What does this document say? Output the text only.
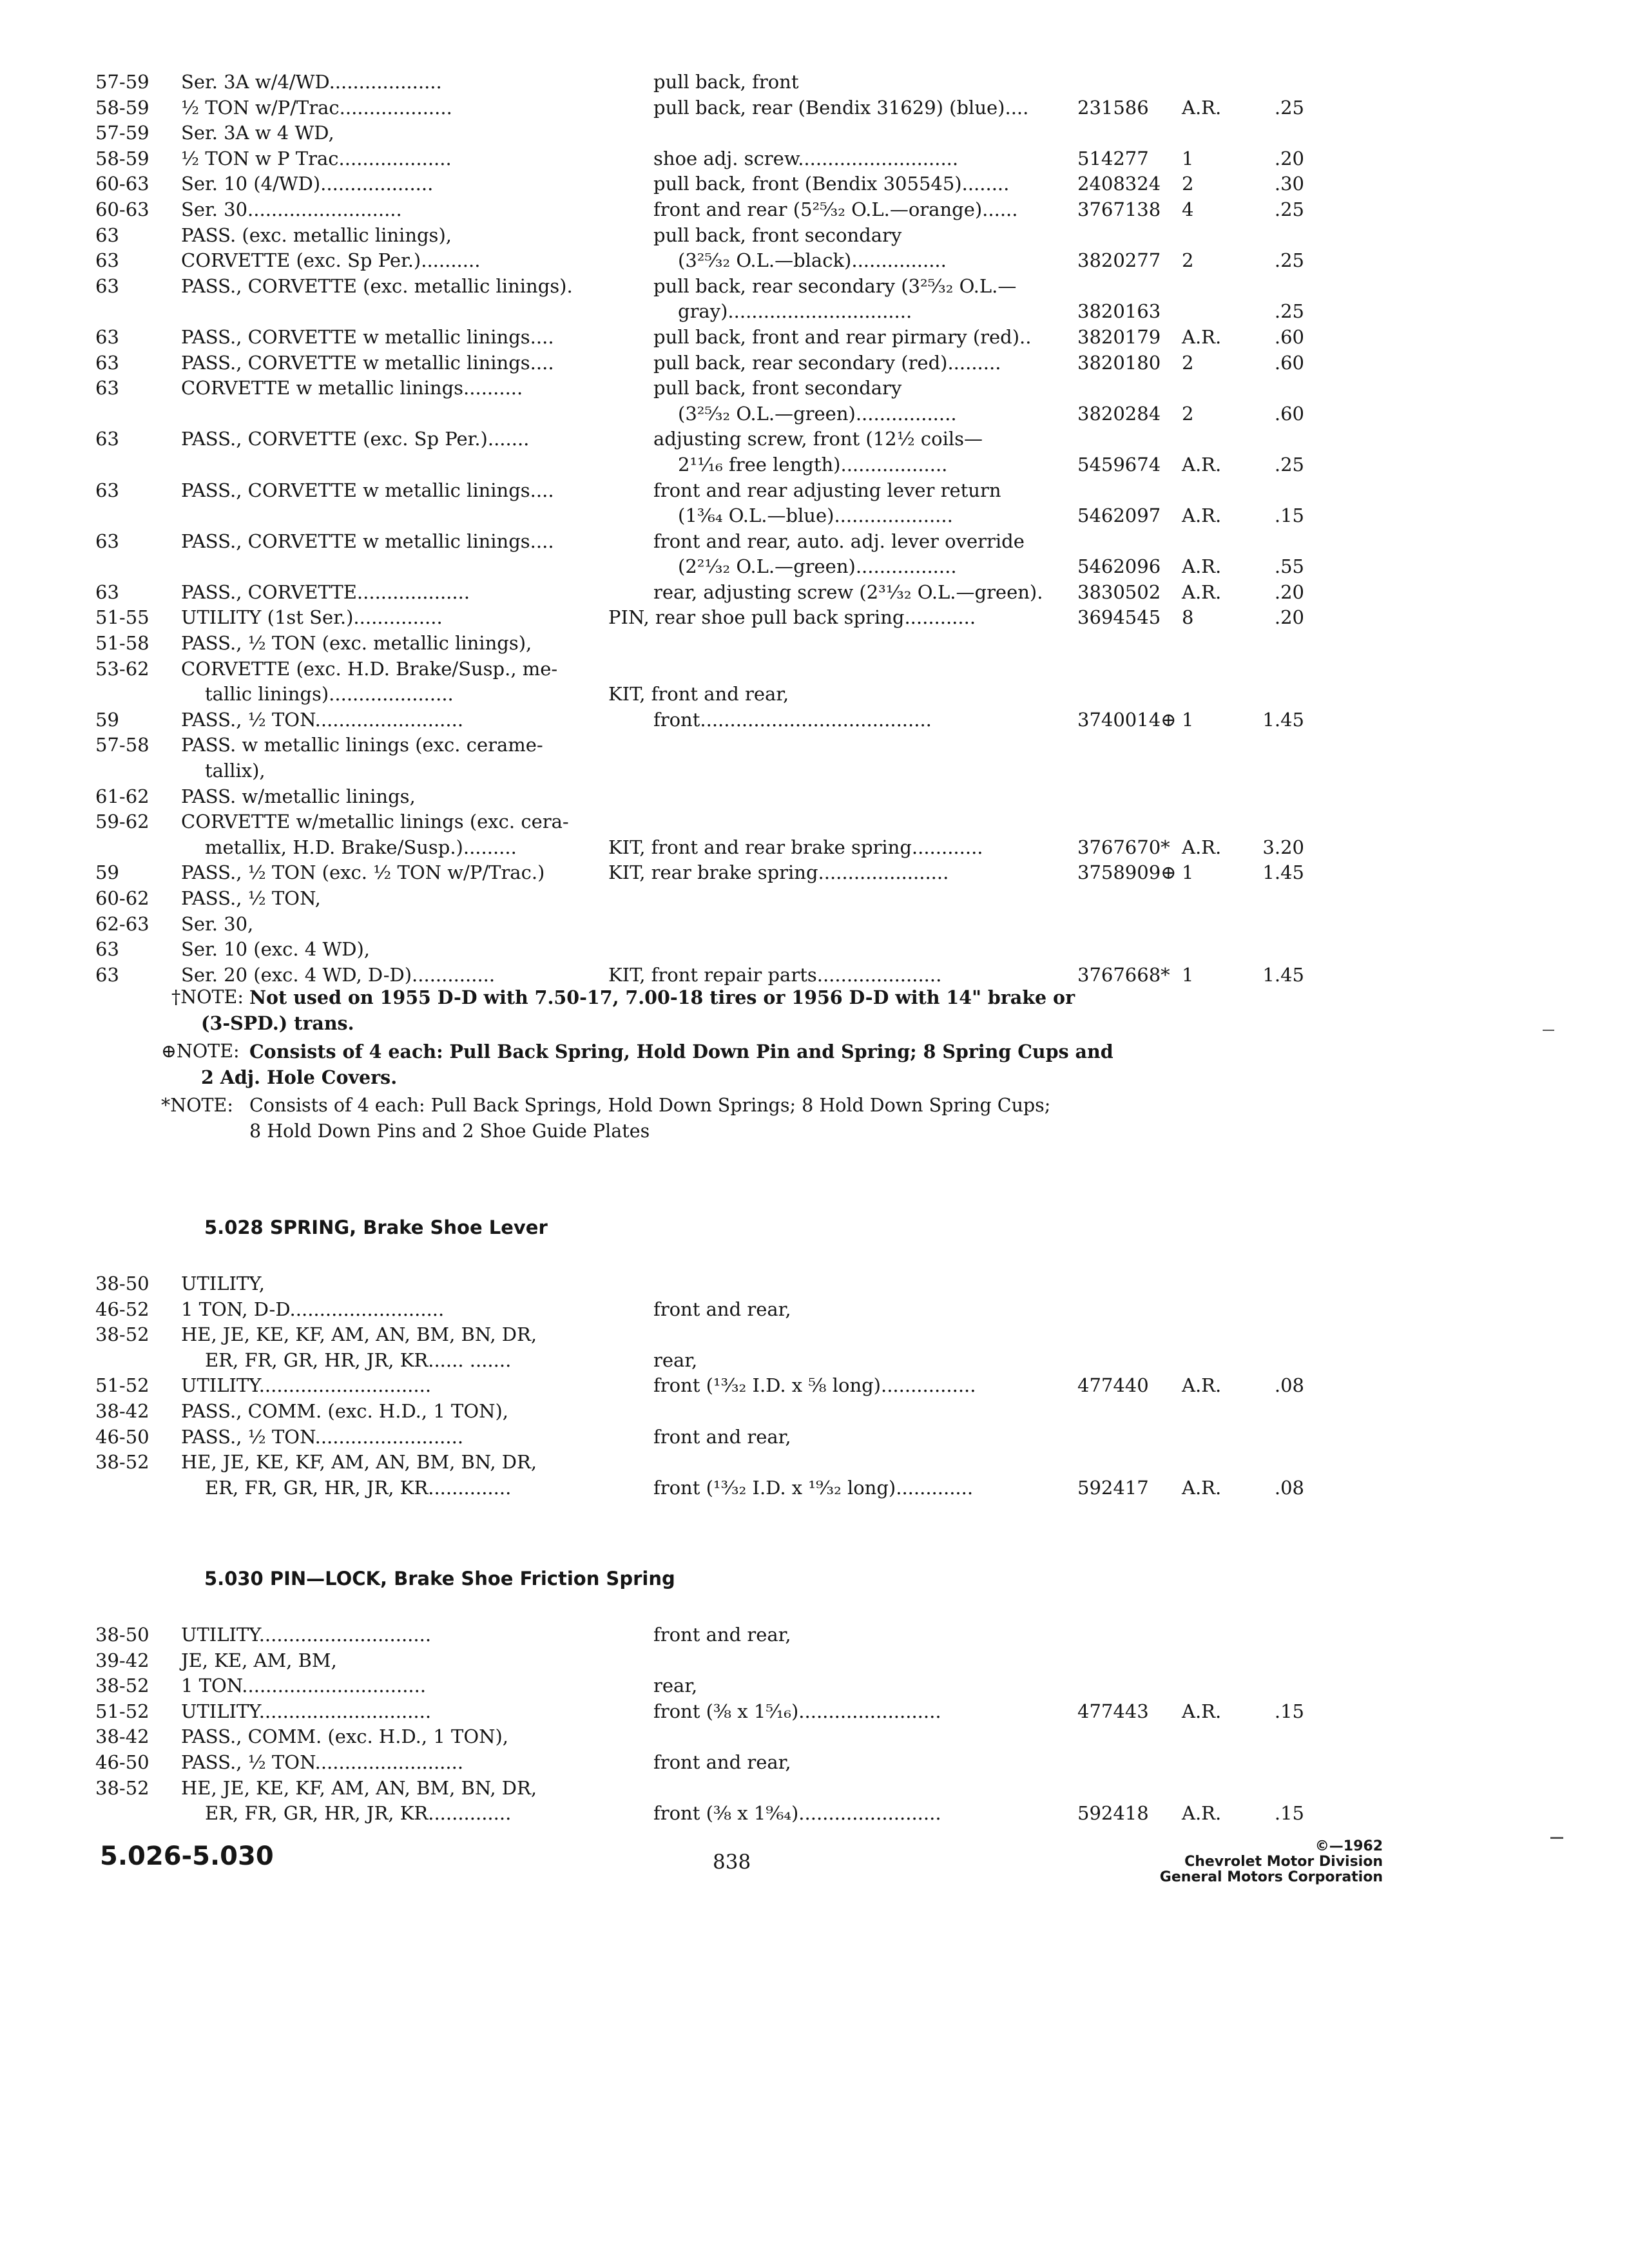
57-59 Ser. 3A w/4/WD...................	pull back, front
58-59 ½ TON w/P/Trac...................	pull back, rear (Bendix 31629) (blue)....	231586 A.R.	.25
57-59 Ser. 3A w 4 WD,
58-59 ½ TON w P Trac...................	shoe adj. screw...........................	514277 1	.20
60-63 Ser. 10 (4/WD)...................	pull back, front (Bendix 305545)........	2408324 2	.30
60-63 Ser. 30..........................	front and rear (5²⁵⁄₃₂ O.L.—orange)......	3767138 4	.25
63	PASS. (exc. metallic linings),	pull back, front secondary
63	CORVETTE (exc. Sp Per.)..........	(3²⁵⁄₃₂ O.L.—black)................	3820277 2	.25
63	PASS., CORVETTE (exc. metallic linings).	pull back, rear secondary (3²⁵⁄₃₂ O.L.—
gray)...............................	3820163	.25
63	PASS., CORVETTE w metallic linings....	pull back, front and rear pirmary (red).. 3820179 A.R.	.60
63	PASS., CORVETTE w metallic linings....	pull back, rear secondary (red).........	3820180 2	.60
63	CORVETTE w metallic linings..........	pull back, front secondary
(3²⁵⁄₃₂ O.L.—green).................	3820284 2	.60
63	PASS., CORVETTE (exc. Sp Per.).......	adjusting screw, front (12½ coils—
2¹¹⁄₁₆ free length)..................	5459674 A.R.	.25
63	PASS., CORVETTE w metallic linings....	front and rear adjusting lever return
(1³⁄₆₄ O.L.—blue)....................	5462097 A.R.	.15
63	PASS., CORVETTE w metallic linings....	front and rear, auto. adj. lever override
(2²¹⁄₃₂ O.L.—green).................	5462096 A.R.	.55
63	PASS., CORVETTE...................	rear, adjusting screw (2³¹⁄₃₂ O.L.—green). 3830502 A.R.	.20
51-55 UTILITY (1st Ser.)...............	PIN, rear shoe pull back spring............	3694545 8	.20
51-58 PASS., ½ TON (exc. metallic linings),
53-62 CORVETTE (exc. H.D. Brake/Susp., me-
tallic linings).....................	KIT, front and rear,
59	PASS., ½ TON.........................	front.......................................	3740014⊕ 1	1.45
57-58 PASS. w metallic linings (exc. cerame-
tallix),
61-62 PASS. w/metallic linings,
59-62 CORVETTE w/metallic linings (exc. cera-
metallix, H.D. Brake/Susp.).........	KIT, front and rear brake spring............	3767670* A.R.	3.20
59	PASS., ½ TON (exc. ½ TON w/P/Trac.)	KIT, rear brake spring......................	3758909⊕ 1	1.45
60-62 PASS., ½ TON,
62-63 Ser. 30,
63	Ser. 10 (exc. 4 WD),
63	Ser. 20 (exc. 4 WD, D-D)..............	KIT, front repair parts.....................	3767668* 1	1.45
†NOTE: Not used on 1955 D-D with 7.50-17, 7.00-18 tires or 1956 D-D with 14" brake or
(3-SPD.) trans.
⊕NOTE: Consists of 4 each: Pull Back Spring, Hold Down Pin and Spring; 8 Spring Cups and
2 Adj. Hole Covers.
*NOTE: Consists of 4 each: Pull Back Springs, Hold Down Springs; 8 Hold Down Spring Cups;
8 Hold Down Pins and 2 Shoe Guide Plates
5.028 SPRING, Brake Shoe Lever
38-50 UTILITY,
46-52 1 TON, D-D..........................	front and rear,
38-52 HE, JE, KE, KF, AM, AN, BM, BN, DR,
ER, FR, GR, HR, JR, KR...... .......	rear,
51-52 UTILITY.............................	front (¹³⁄₃₂ I.D. x ⅝ long)................	477440 A.R.	.08
38-42 PASS., COMM. (exc. H.D., 1 TON),
46-50 PASS., ½ TON.........................	front and rear,
38-52 HE, JE, KE, KF, AM, AN, BM, BN, DR,
ER, FR, GR, HR, JR, KR..............	front (¹³⁄₃₂ I.D. x ¹⁹⁄₃₂ long).............	592417 A.R.	.08
5.030 PIN—LOCK, Brake Shoe Friction Spring
38-50 UTILITY.............................	front and rear,
39-42 JE, KE, AM, BM,
38-52 1 TON...............................	rear,
51-52 UTILITY.............................	front (⅜ x 1⁵⁄₁₆)........................	477443 A.R.	.15
38-42 PASS., COMM. (exc. H.D., 1 TON),
46-50 PASS., ½ TON.........................	front and rear,
38-52 HE, JE, KE, KF, AM, AN, BM, BN, DR,
ER, FR, GR, HR, JR, KR..............	front (⅜ x 1⁹⁄₆₄)........................	592418 A.R.	.15
5.026-5.030	838
©—1962
Chevrolet Motor Division
General Motors Corporation
